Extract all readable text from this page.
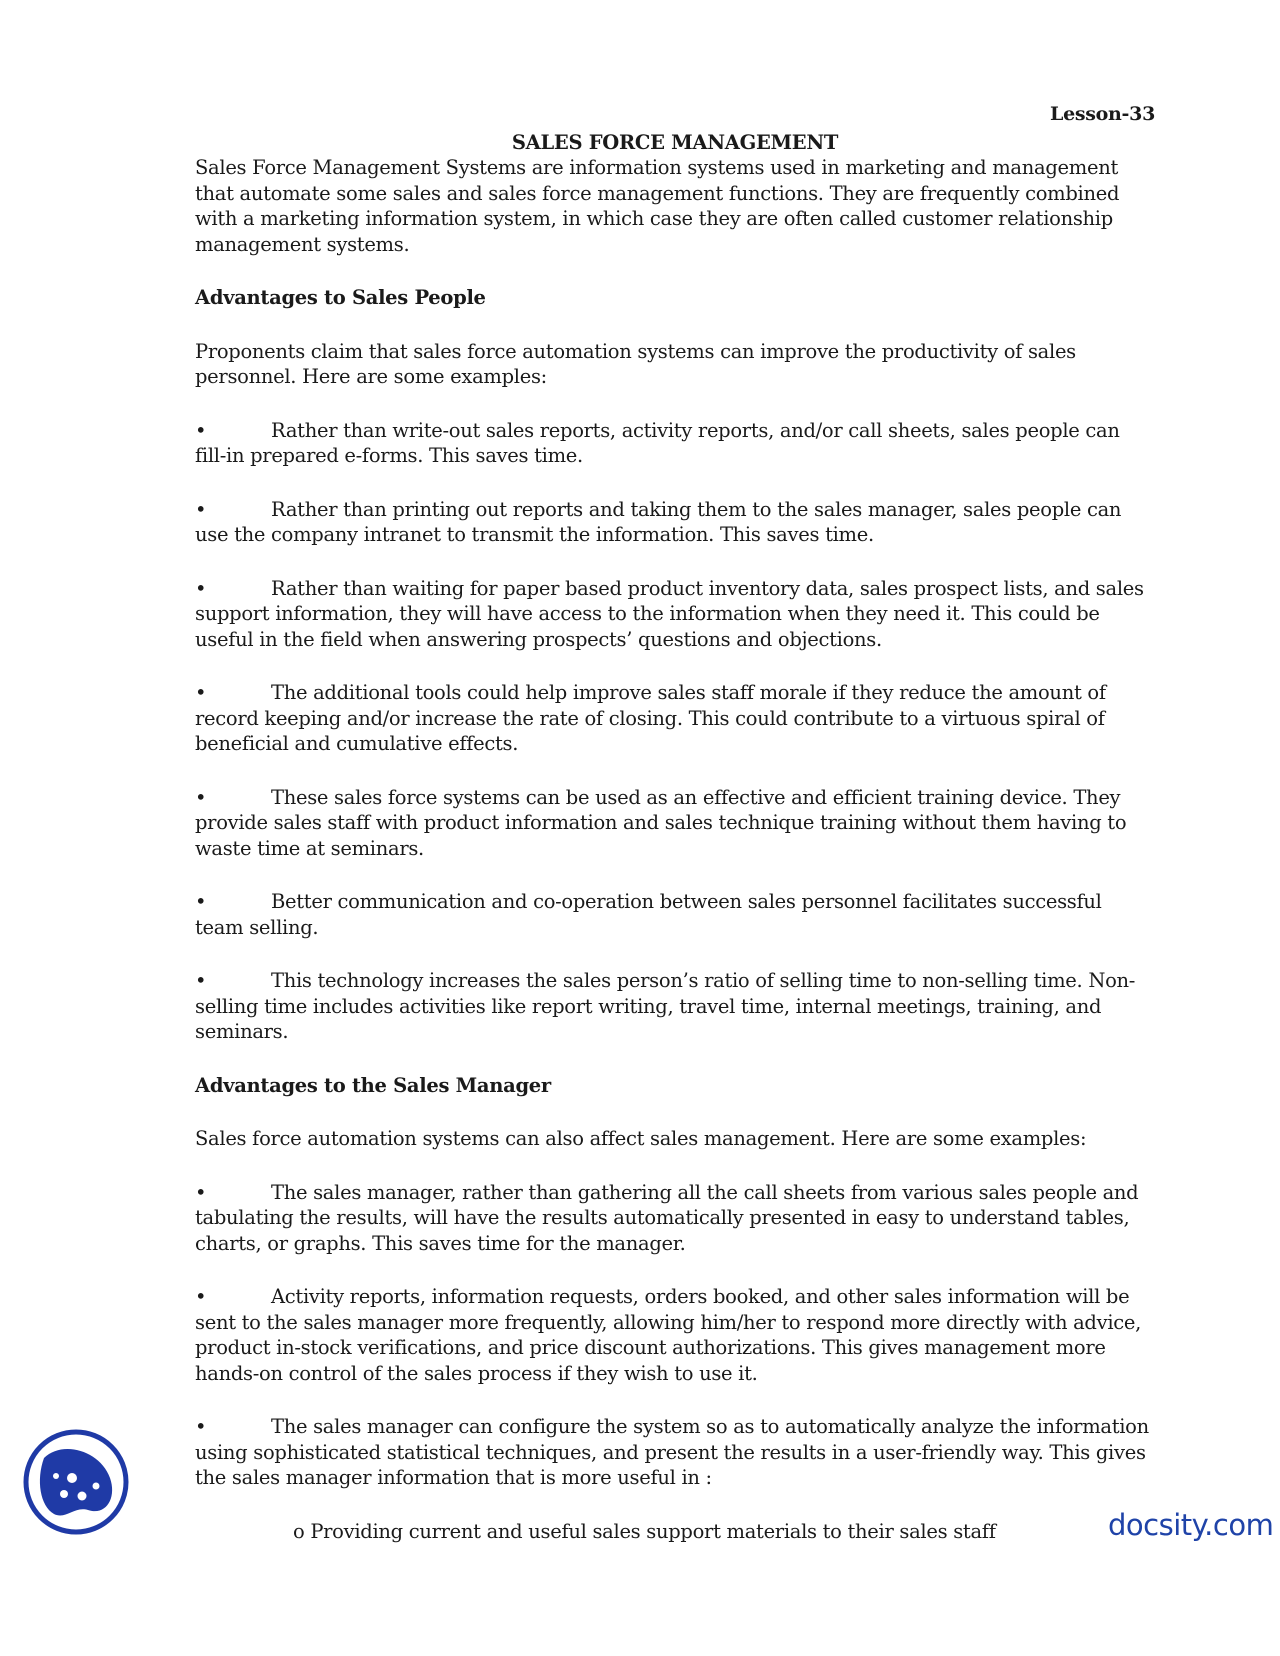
Lesson-33

SALES FORCE MANAGEMENT

Sales Force Management Systems are information systems used in marketing and management that automate some sales and sales force management functions. They are frequently combined with a marketing information system, in which case they are often called customer relationship management systems.

Advantages to Sales People

Proponents claim that sales force automation systems can improve the productivity of sales personnel. Here are some examples:

•	Rather than write-out sales reports, activity reports, and/or call sheets, sales people can fill-in prepared e-forms. This saves time.

•	Rather than printing out reports and taking them to the sales manager, sales people can use the company intranet to transmit the information. This saves time.

•	Rather than waiting for paper based product inventory data, sales prospect lists, and sales support information, they will have access to the information when they need it. This could be useful in the field when answering prospects’ questions and objections.

•	The additional tools could help improve sales staff morale if they reduce the amount of record keeping and/or increase the rate of closing. This could contribute to a virtuous spiral of beneficial and cumulative effects.

•	These sales force systems can be used as an effective and efficient training device. They provide sales staff with product information and sales technique training without them having to waste time at seminars.

•	Better communication and co-operation between sales personnel facilitates successful team selling.

•	This technology increases the sales person’s ratio of selling time to non-selling time. Non-selling time includes activities like report writing, travel time, internal meetings, training, and seminars.

Advantages to the Sales Manager

Sales force automation systems can also affect sales management. Here are some examples:

•	The sales manager, rather than gathering all the call sheets from various sales people and tabulating the results, will have the results automatically presented in easy to understand tables, charts, or graphs. This saves time for the manager.

•	Activity reports, information requests, orders booked, and other sales information will be sent to the sales manager more frequently, allowing him/her to respond more directly with advice, product in-stock verifications, and price discount authorizations. This gives management more hands-on control of the sales process if they wish to use it.

•	The sales manager can configure the system so as to automatically analyze the information using sophisticated statistical techniques, and present the results in a user-friendly way. This gives the sales manager information that is more useful in :

o Providing current and useful sales support materials to their sales staff	docsity.com
